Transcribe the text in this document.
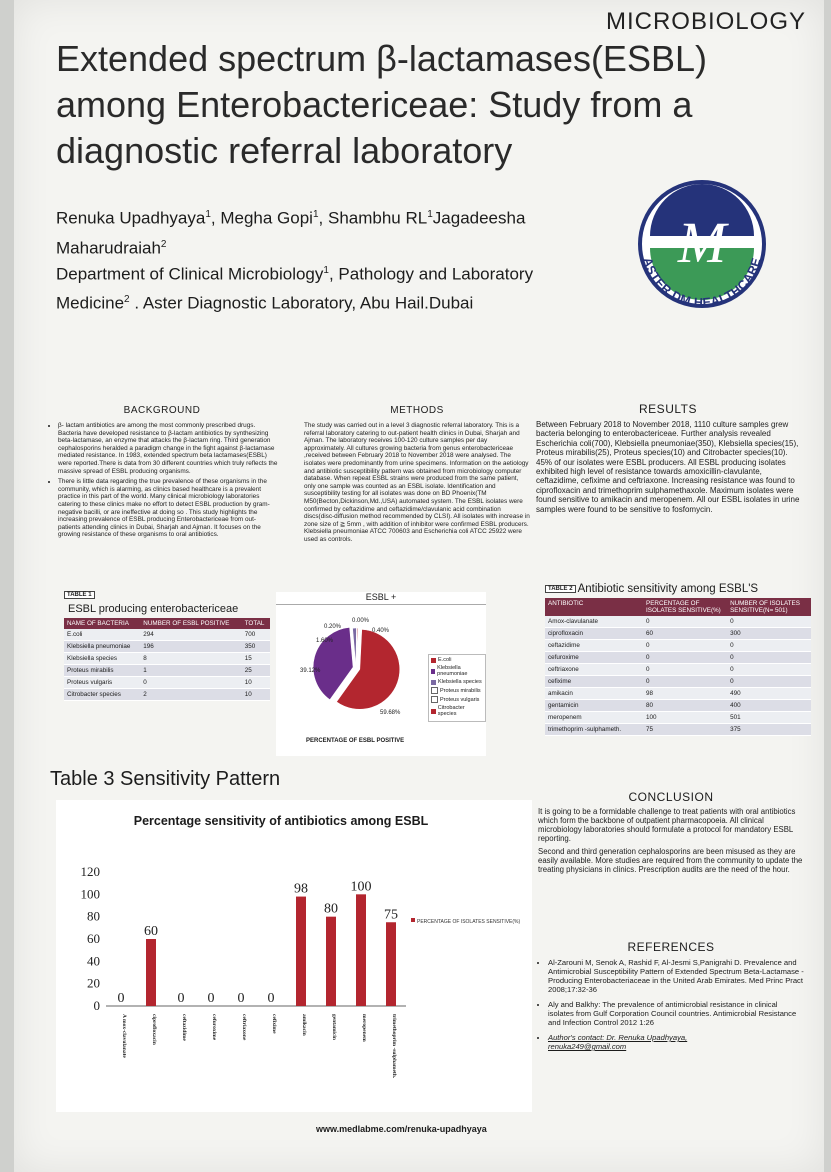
MICROBIOLOGY
Extended spectrum β-lactamases(ESBL) among Enterobactericeae: Study from a diagnostic referral laboratory
Renuka Upadhyaya$^1$, Megha Gopi$^1$, Shambhu $RL^1Jagadeesha$ Maharudraiah$^2$
Department of Clinical Microbiology$^1$, Pathology and Laboratory Medicine$^2$ . Aster Diagnostic Laboratory, Abu Hail.Dubai
M
ASTER DM HEALTHCARE
BACKGROUND
• β- lactam antibiotics are among the most commonly prescribed drugs. Bacteria have developed resistance to β-lactam antibiotics by synthesizing beta-lactamase, an enzyme that attacks the β-lactam ring. Third generation cephalosporins heralded a paradigm change in the fight against β-lactamase mediated resistance. In 1983, extended spectrum beta lactamases(ESBL) were reported.There is data from 30 different countries which truly reflects the massive spread of ESBL producing organisms.
• There is little data regarding the true prevalence of these organisms in the community, which is alarming, as clinics based healthcare is a prevalent practice in this part of the world. Many clinical microbiology laboratories catering to these clinics make no effort to detect ESBL production by gram-negative bacilli, or are ineffective at doing so . This study highlights the increasing prevalence of ESBL producing Enterobactericeae from out-patients attending clinics in Dubai, Sharjah and Ajman. It focuses on the growing resistance of these organisms to oral antibiotics.
METHODS
The study was carried out in a level 3 diagnostic referral laboratory. This is a referral laboratory catering to out-patient health clinics in Dubai, Sharjah and Ajman. The laboratory receives 100-120 culture samples per day approximately. All cultures growing bacteria from genus enterobactericeae ,received between February 2018 to November 2018 were analysed. The isolates were predominantly from urine specimens. Information on the aetiology and antibiotic susceptibility pattern was obtained from microbiology computer database. When repeat ESBL strains were produced from the same patient, only one sample was counted as an ESBL isolate. Identification and susceptibility testing for all isolates was done on BD Phoenix(TM M50(Becton,Dickinson,Md.,USA) automated system. The ESBL isolates were confirmed by ceftazidime and ceftazidime/clavulanic acid combination discs(disc-diffusion method recommended by CLSI). All isolates with increase in zone size of ≧ 5mm , with addition of inhibitor were confirmed ESBL producers. Klebsiella pneumoniae ATCC 700603 and Escherichia coli ATCC 25922 were used as controls.
RESULTS
Between February 2018 to November 2018, 1110 culture samples grew bacteria belonging to enterobactericeae. Further analysis revealed Escherichia coli(700), Klebsiella pneumoniae(350), Klebsiella species(15), Proteus mirabilis(25), Proteus species(10) and Citrobacter species(10). 45% of our isolates were ESBL producers. All ESBL producing isolates exhibited high level of resistance towards amoxicillin-clavulante, ceftazidime, cefixime and ceftriaxone. Increasing resistance was found to ciprofloxacin and trimethoprim sulphamethaxole. Maximum isolates were found sensitive to amikacin and meropenem. All our ESBL isolates in urine samples were found to be sensitive to fosfomycin.
TABLE 1
ESBL producing enterobactericeae
NAME OF BACTERIA	NUMBER OF ESBL POSITIVE	TOTAL
E.coli	294	700
Klebsiella pneumoniae	196	350
Klebsiella species	8	15
Proteus mirabilis	1	25
Proteus vulgaris	0	10
Citrobacter species	2	10
ESBL +
59.68%
39.12%
1.60%
0.20%
0.00%
0.40%
E.coli
Klebsiella pneumoniae
Klebsiella species
Proteus mirabilis
Proteus vulgaris
Citrobacter species
PERCENTAGE OF ESBL POSITIVE
TABLE 2 Antibiotic sensitivity among ESBL'S
ANTIBIOTIC	PERCENTAGE OF ISOLATES SENSITIVE(%)	NUMBER OF ISOLATES SENSITIVE(N= 501)
Amox-clavulanate	0	0
ciprofloxacin	60	300
ceftazidime	0	0
cefuroxime	0	0
ceftriaxone	0	0
cefixime	0	0
amikacin	98	490
gentamicin	80	400
meropenem	100	501
trimethoprim -sulphameth.	75	375
Table 3 Sensitivity Pattern
Percentage sensitivity of antibiotics among ESBL
0
20
40
60
80
100
120
0
A mox-clavulanate
60
ciprofloxacin
0
ceftazidime
0
cefuroxime
0
ceftriaxone
0
cefixime
98
amikacin
80
gentamicin
100
meropenem
75
trimethoprim -sulphameth.
PERCENTAGE OF ISOLATES SENSITIVE(%)
CONCLUSION
It is going to be a formidable challenge to treat patients with oral antibiotics which form the backbone of outpatient pharmacopoeia. All clinical microbiology laboratories should formulate a protocol for mandatory ESBL reporting.
Second and third generation cephalosporins are been misused as they are easily available. More studies are required from the community to update the treating physicians in clinics. Prescription audits are the need of the hour.
REFERENCES
• Al-Zarouni M, Senok A, Rashid F, Al-Jesmi S,Panigrahi D. Prevalence and Antimicrobial Susceptibility Pattern of Extended Spectrum Beta-Lactamase -Producing Enterobacteriaceae in the United Arab Emirates. Med Princ Pract 2008;17:32-36
• Aly and Balkhy: The prevalence of antimicrobial resistance in clinical isolates from Gulf Corporation Council countries. Antimicrobial Resistance and Infection Control 2012 1:26
• Author's contact: Dr. Renuka Upadhyaya,
renuka249@gmail.com
www.medlabme.com/renuka-upadhyaya
